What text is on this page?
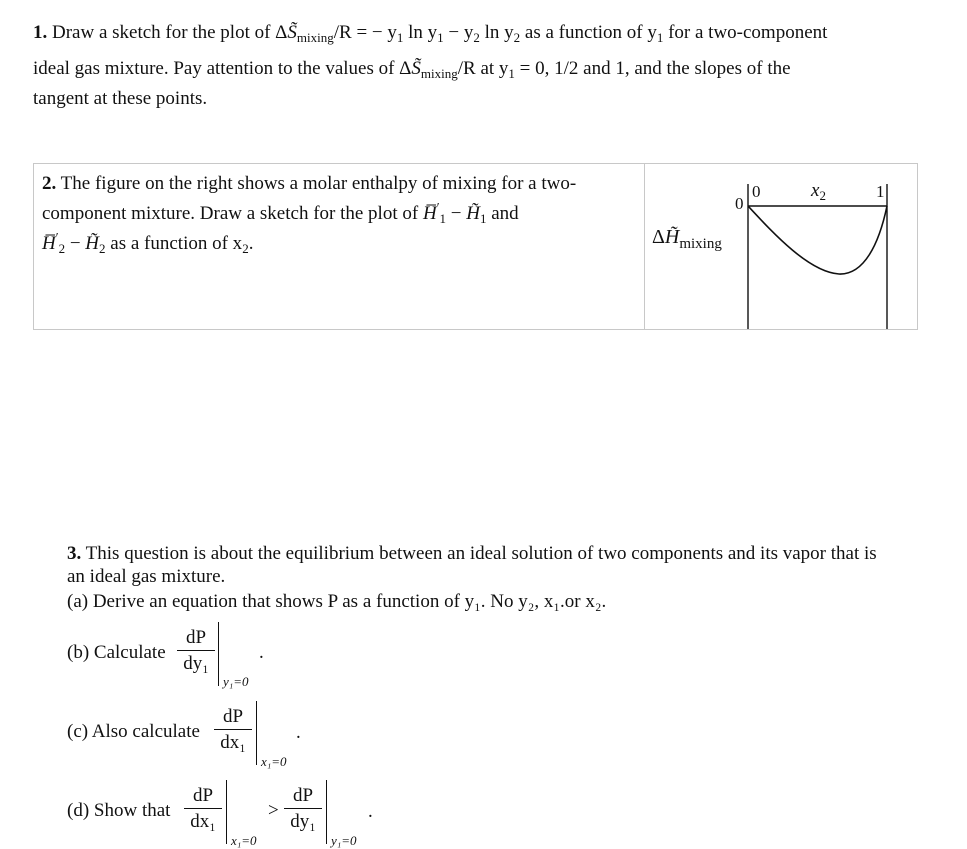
1. Draw a sketch for the plot of $\Delta S̃_{mixing}/R$ = − $y_1$ $\ln y_1 - y_2$ $\ln y_2$ as a function of $y_1$ for a two-component
ideal gas mixture. Pay attention to the values of $\Delta S̃_{mixing}/R$ at $y_1 = 0$, 1/2 and 1, and the slopes of the
tangent at these points.
2. The figure on the right shows a molar enthalpy of mixing for a two-
component mixture. Draw a sketch for the plot of $H̅'_1$ − $H̃_1$ and
$H̅'_2$ − $H̃_2$ as a function of $x_2$.	$\Delta H̃_{mixing}$
0
0	$x_2$	1
3. This question is about the equilibrium between an ideal solution of two components and its vapor that is
an ideal gas mixture.
(a) Derive an equation that shows P as a function of y₁. No y₂, x₁.or x₂.
(b) Calculate
dP
dy₁
y₁=0
.
(c) Also calculate
dP
dx₁
x₁=0
.
(d) Show that
dP
dx₁
x₁=0
>
dP
dy₁
y₁=0
.
